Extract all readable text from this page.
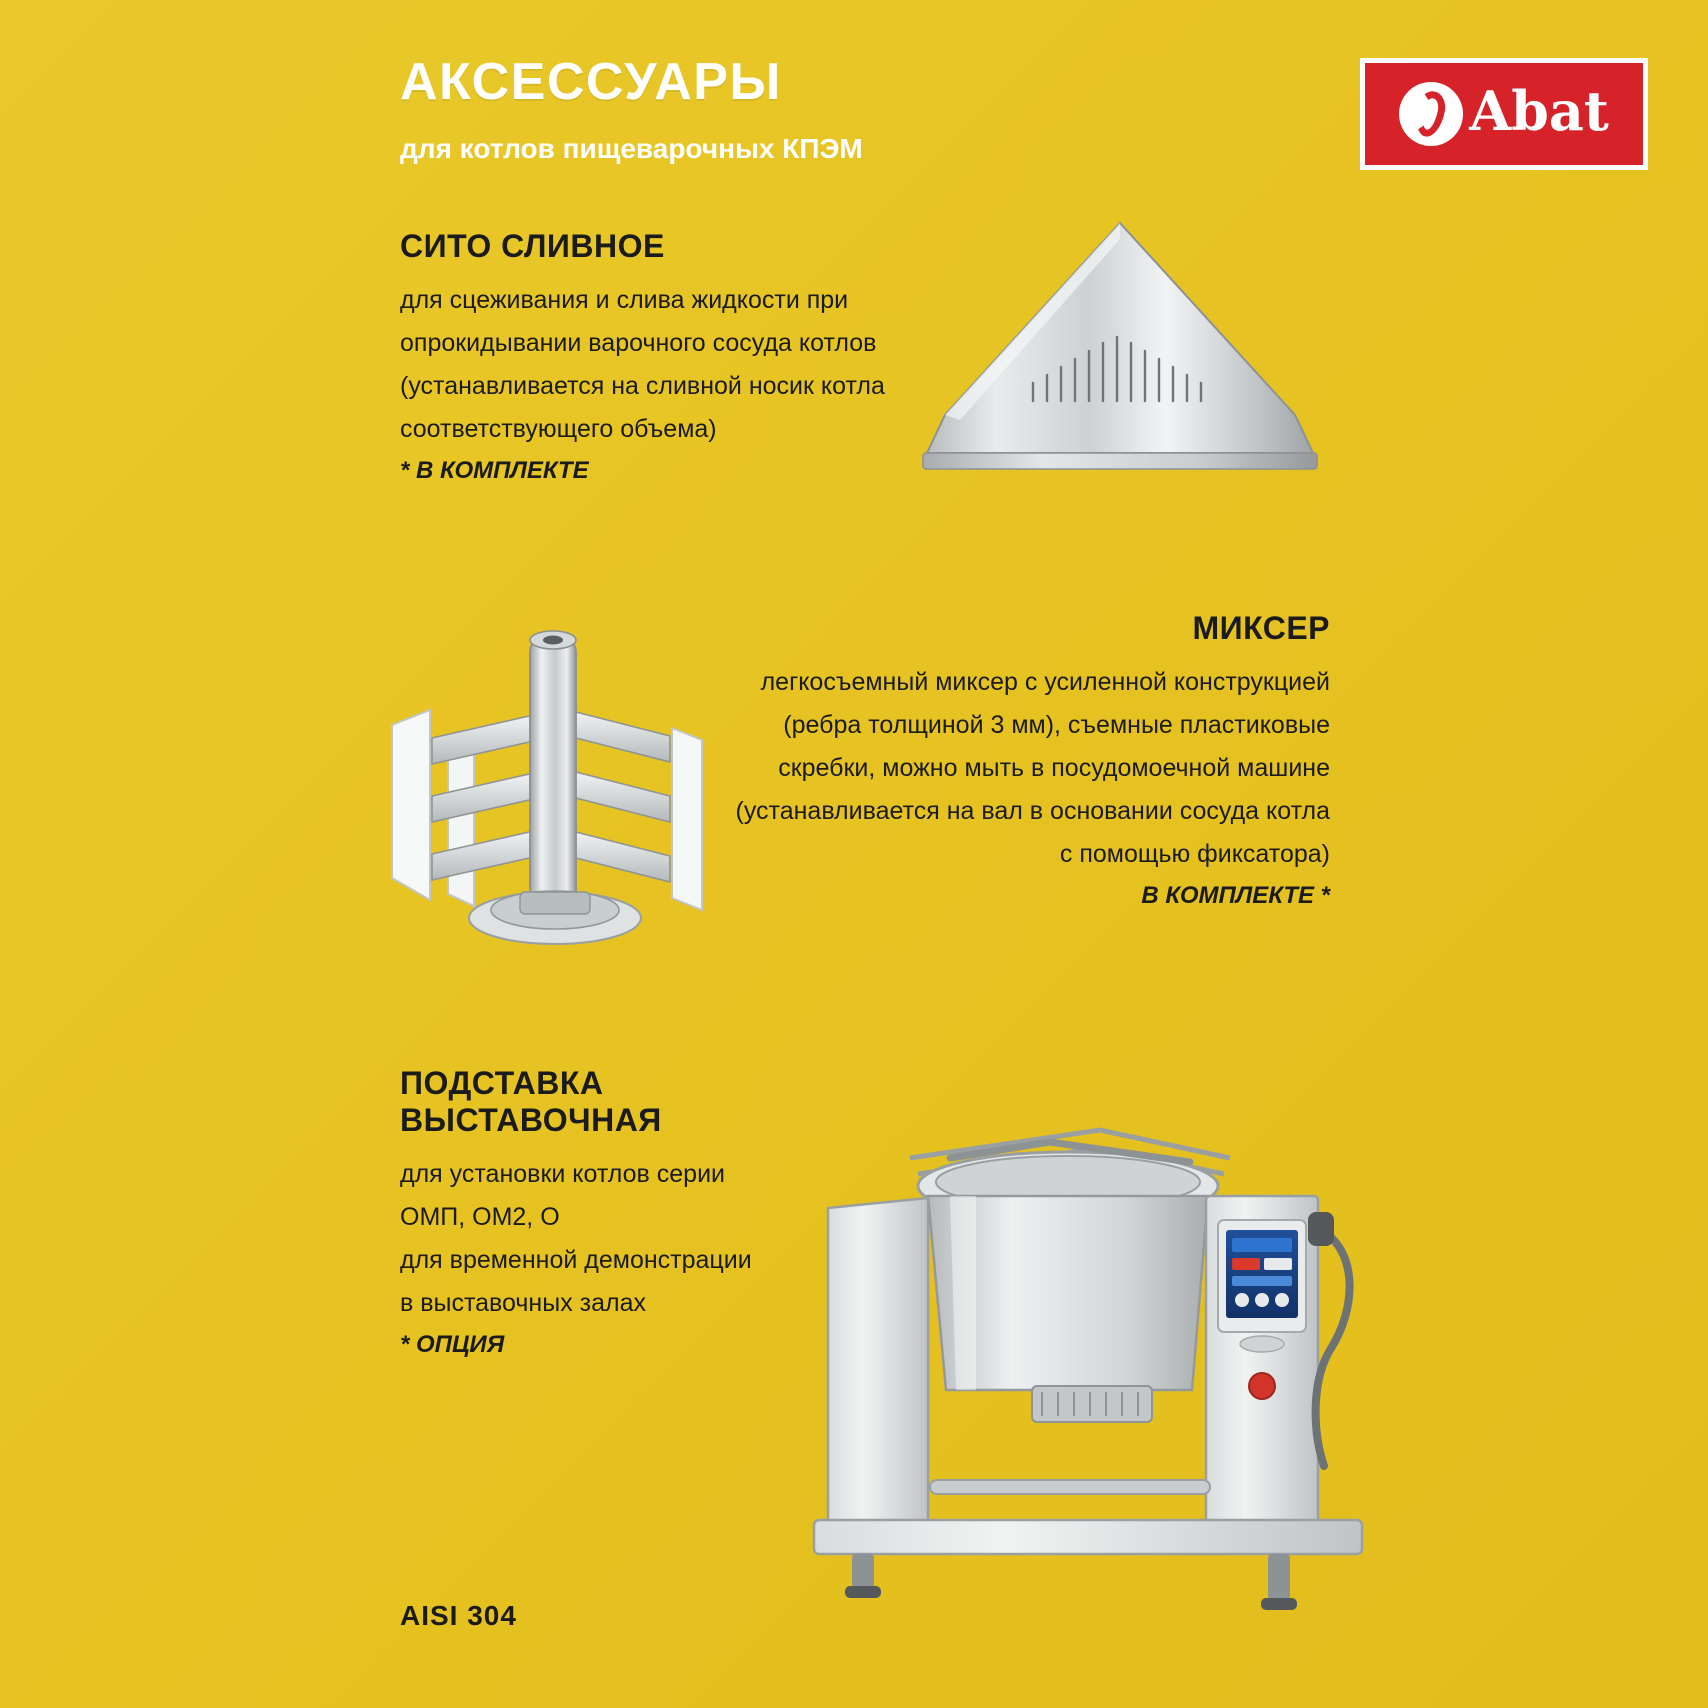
АКСЕССУАРЫ
для котлов пищеварочных КПЭМ
Abat
СИТО СЛИВНОЕ

для сцеживания и слива жидкости при опрокидывании варочного сосуда котлов (устанавливается на сливной носик котла соответствующего объема)

* В КОМПЛЕКТЕ
МИКСЕР

легкосъемный миксер с усиленной конструкцией (ребра толщиной 3 мм), съемные пластиковые скребки, можно мыть в посудомоечной машине (устанавливается на вал в основании сосуда котла с помощью фиксатора)

В КОМПЛЕКТЕ *
ПОДСТАВКА ВЫСТАВОЧНАЯ

для установки котлов серии

ОМП, ОМ2, О

для временной демонстрации

в выставочных залах

* ОПЦИЯ
AISI 304
